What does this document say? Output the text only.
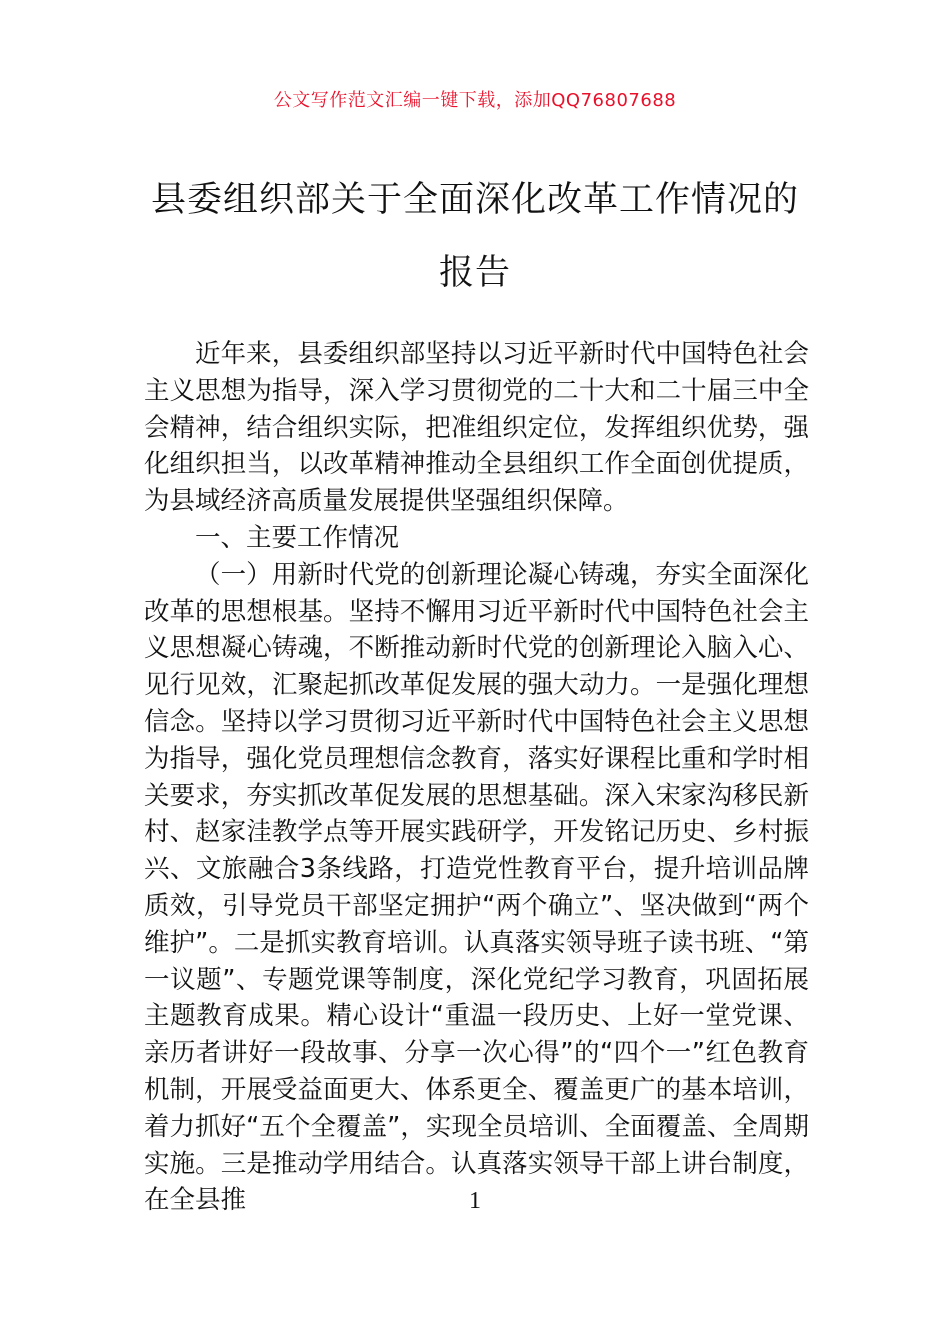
公文写作范文汇编一键下载，添加QQ76807688
县委组织部关于全面深化改革工作情况的
报告

近年来，县委组织部坚持以习近平新时代中国特色社会主义思想为指导，深入学习贯彻党的二十大和二十届三中全会精神，结合组织实际，把准组织定位，发挥组织优势，强化组织担当，以改革精神推动全县组织工作全面创优提质，为县域经济高质量发展提供坚强组织保障。

一、主要工作情况

（一）用新时代党的创新理论凝心铸魂，夯实全面深化改革的思想根基。坚持不懈用习近平新时代中国特色社会主义思想凝心铸魂，不断推动新时代党的创新理论入脑入心、见行见效，汇聚起抓改革促发展的强大动力。一是强化理想信念。坚持以学习贯彻习近平新时代中国特色社会主义思想为指导，强化党员理想信念教育，落实好课程比重和学时相关要求，夯实抓改革促发展的思想基础。深入宋家沟移民新村、赵家洼教学点等开展实践研学，开发铭记历史、乡村振兴、文旅融合3条线路，打造党性教育平台，提升培训品牌质效，引导党员干部坚定拥护“两个确立”、坚决做到“两个维护”。二是抓实教育培训。认真落实领导班子读书班、“第一议题”、专题党课等制度，深化党纪学习教育，巩固拓展主题教育成果。精心设计“重温一段历史、上好一堂党课、亲历者讲好一段故事、分享一次心得”的“四个一”红色教育机制，开展受益面更大、体系更全、覆盖更广的基本培训，着力抓好“五个全覆盖”，实现全员培训、全面覆盖、全周期实施。三是推动学用结合。认真落实领导干部上讲台制度，在全县推	1
